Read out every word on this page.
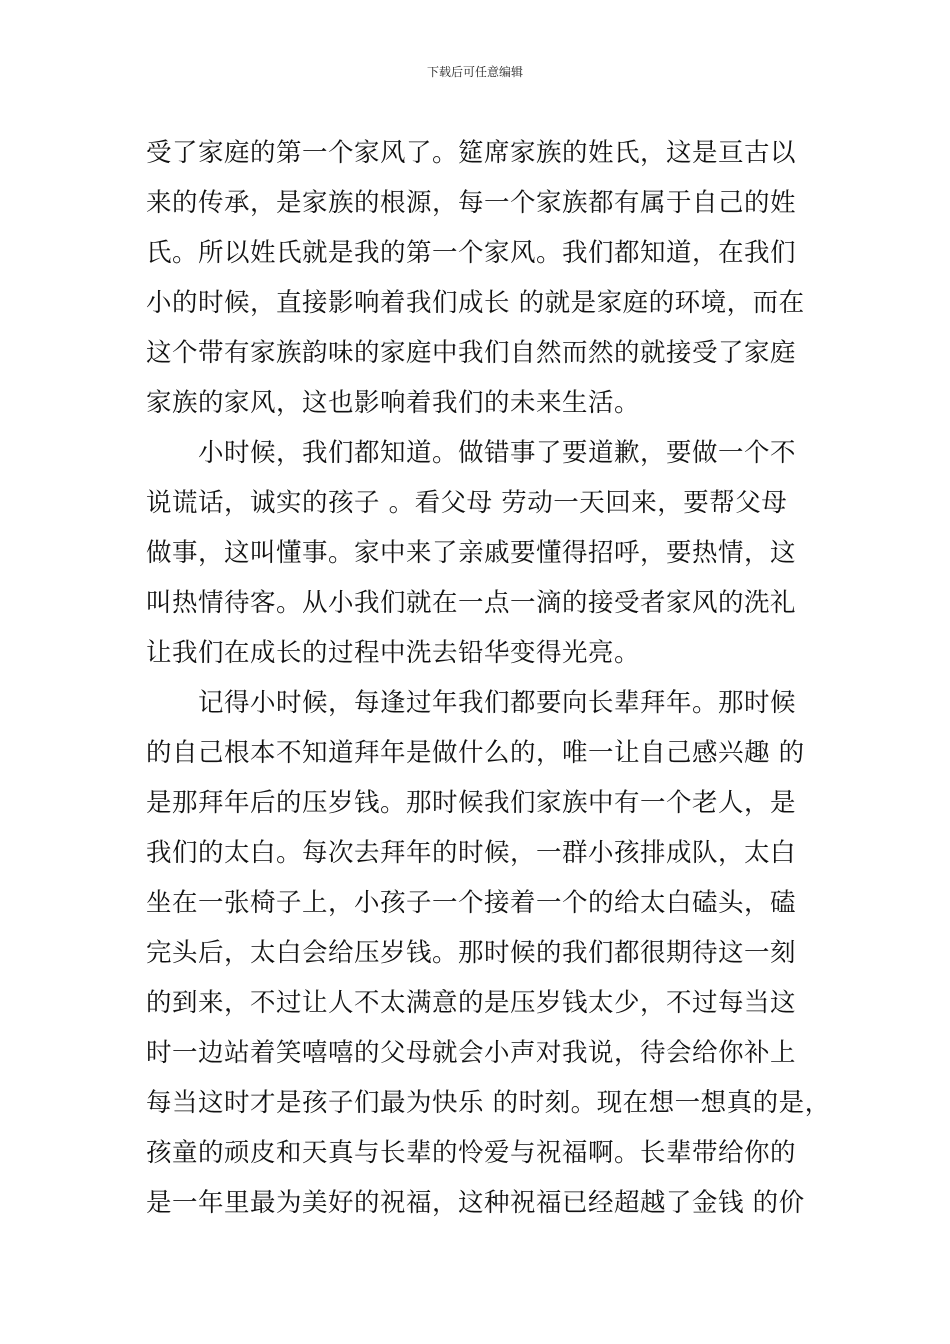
下载后可任意编辑
受了家庭的第一个家风了。筵席家族的姓氏，这是亘古以
来的传承，是家族的根源，每一个家族都有属于自己的姓
氏。所以姓氏就是我的第一个家风。我们都知道，在我们
小的时候，直接影响着我们成长 的就是家庭的环境，而在
这个带有家族韵味的家庭中我们自然而然的就接受了家庭
家族的家风，这也影响着我们的未来生活。
小时候，我们都知道。做错事了要道歉，要做一个不
说谎话，诚实的孩子 。看父母 劳动一天回来，要帮父母
做事，这叫懂事。家中来了亲戚要懂得招呼，要热情，这
叫热情待客。从小我们就在一点一滴的接受者家风的洗礼
让我们在成长的过程中洗去铅华变得光亮。
记得小时候，每逢过年我们都要向长辈拜年。那时候
的自己根本不知道拜年是做什么的，唯一让自己感兴趣 的
是那拜年后的压岁钱。那时候我们家族中有一个老人，是
我们的太白。每次去拜年的时候，一群小孩排成队，太白
坐在一张椅子上，小孩子一个接着一个的给太白磕头，磕
完头后，太白会给压岁钱。那时候的我们都很期待这一刻
的到来，不过让人不太满意的是压岁钱太少，不过每当这
时一边站着笑嘻嘻的父母就会小声对我说，待会给你补上
每当这时才是孩子们最为快乐 的时刻。现在想一想真的是，
孩童的顽皮和天真与长辈的怜爱与祝福啊。长辈带给你的
是一年里最为美好的祝福，这种祝福已经超越了金钱 的价
